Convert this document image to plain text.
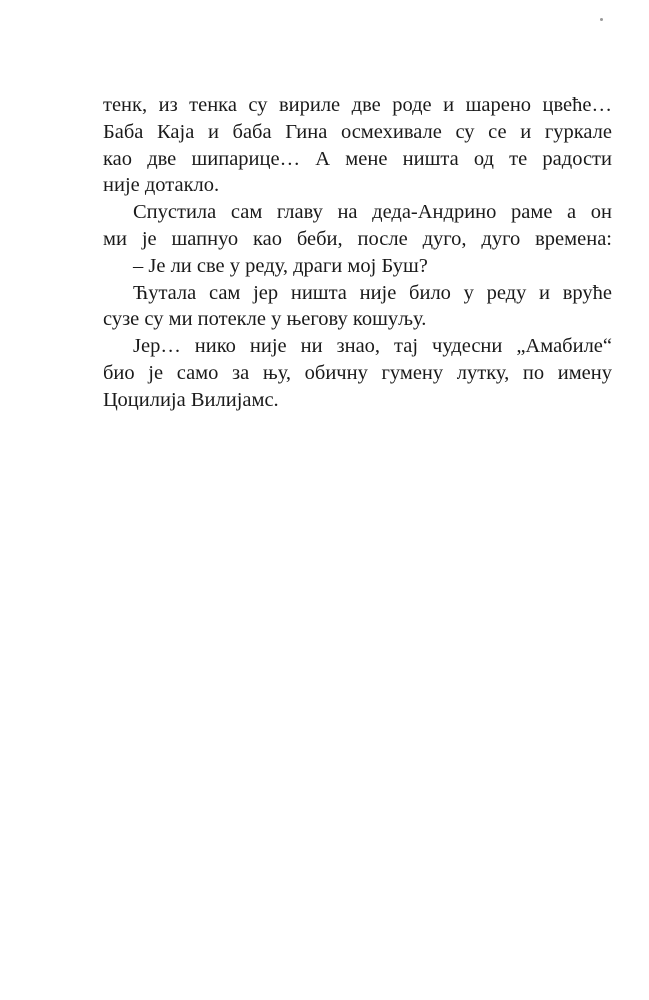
тенк, из тенка су вириле две роде и шарено цвеће…
Баба Каја и баба Гина осмехивале су се и гуркале
као две шипарице… А мене ништа од те радости
није дотакло.
Спустила сам главу на деда-Андрино раме а он
ми је шапнуо као беби, после дуго, дуго времена:
– Је ли све у реду, драги мој Буш?
Ћутала сам јер ништа није било у реду и вруће
сузе су ми потекле у његову кошуљу.
Јер… нико није ни знао, тај чудесни „Амабиле“
био је само за њу, обичну гумену лутку, по имену
Цоцилија Вилијамс.
